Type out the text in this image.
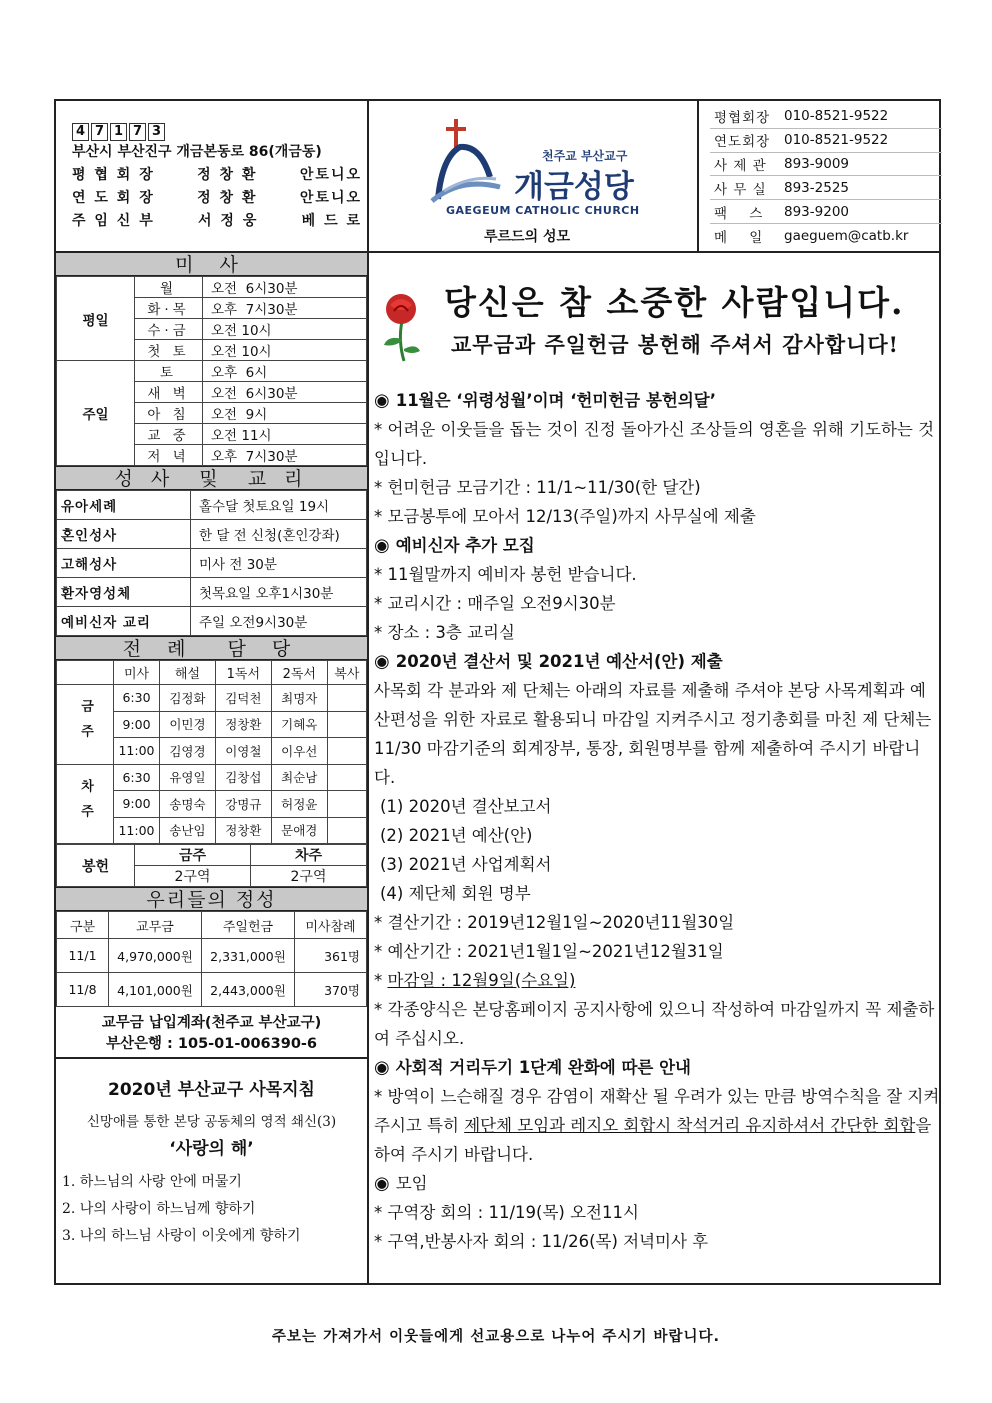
4 7 1 7 3
부산시 부산진구 개금본동로 86(개금동)
평 협 회 장	정 창 환	안토니오
연 도 회 장	정 창 환	안토니오
주 임 신 부	서 정 웅	베 드 로
천주교 부산교구
개금성당
GAEGEUM CATHOLIC CHURCH
루르드의 성모
평협회장	010-8521-9522
연도회장	010-8521-9522
사 제 관	893-9009
사 무 실	893-2525
팩    스	893-9200
메    일	gaeguem@catb.kr
미 사
평일	월	오전  6시30분
	화·목	오후  7시30분
	수·금	오전 10시
	첫 토	오전 10시
주일	토	오후  6시
	새 벽	오전  6시30분
	아 침	오전  9시
	교 중	오전 11시
	저 녁	오후  7시30분
성 사  및  교 리
유아세례	홀수달 첫토요일 19시
혼인성사	한 달 전 신청(혼인강좌)
고해성사	미사 전 30분
환자영성체	첫목요일 오후1시30분
예비신자 교리	주일 오전9시30분
전 례  담 당
	미사	해설	1독서	2독서	복사
금주	6:30	김정화	김덕천	최명자	
	9:00	이민경	정창환	기혜옥	
	11:00	김영경	이영철	이우선	
차주	6:30	유영일	김창섭	최순남	
	9:00	송명숙	강명규	허정윤	
	11:00	송난임	정창환	문애경	
봉헌	금주	차주
	2구역	2구역
우리들의 정성
구분	교무금	주일헌금	미사참례
11/1	4,970,000원	2,331,000원	361명
11/8	4,101,000원	2,443,000원	370명
교무금 납입계좌(천주교 부산교구)
부산은행 : 105-01-006390-6
2020년 부산교구 사목지침
신망애를 통한 본당 공동체의 영적 쇄신(3)
‘사랑의 해’
1. 하느님의 사랑 안에 머물기
2. 나의 사랑이 하느님께 향하기
3. 나의 하느님 사랑이 이웃에게 향하기
당신은 참 소중한 사람입니다.
교무금과 주일헌금 봉헌해 주셔서 감사합니다!
◉ 11월은 ‘위령성월’이며 ‘헌미헌금 봉헌의달’
* 어려운 이웃들을 돕는 것이 진정 돌아가신 조상들의 영혼을 위해 기도하는 것입니다.
* 헌미헌금 모금기간 : 11/1~11/30(한 달간)
* 모금봉투에 모아서 12/13(주일)까지 사무실에 제출
◉ 예비신자 추가 모집
* 11월말까지 예비자 봉헌 받습니다.
* 교리시간 : 매주일 오전9시30분
* 장소 : 3층 교리실
◉ 2020년 결산서 및 2021년 예산서(안) 제출
사목회 각 분과와 제 단체는 아래의 자료를 제출해 주셔야 본당 사목계획과 예산편성을 위한 자료로 활용되니 마감일 지켜주시고 정기총회를 마친 제 단체는 11/30 마감기준의 회계장부, 통장, 회원명부를 함께 제출하여 주시기 바랍니다.
(1) 2020년 결산보고서
(2) 2021년 예산(안)
(3) 2021년 사업계획서
(4) 제단체 회원 명부
* 결산기간 : 2019년12월1일~2020년11월30일
* 예산기간 : 2021년1월1일~2021년12월31일
* 마감일 : 12월9일(수요일)
* 각종양식은 본당홈페이지 공지사항에 있으니 작성하여 마감일까지 꼭 제출하여 주십시오.
◉ 사회적 거리두기 1단계 완화에 따른 안내
* 방역이 느슨해질 경우 감염이 재확산 될 우려가 있는 만큼 방역수칙을 잘 지켜주시고 특히 제단체 모임과 레지오 회합시 착석거리 유지하셔서 간단한 회합을 하여 주시기 바랍니다.
◉ 모임
* 구역장 회의 : 11/19(목) 오전11시
* 구역,반봉사자 회의 : 11/26(목) 저녁미사 후
주보는 가져가서 이웃들에게 선교용으로 나누어 주시기 바랍니다.
